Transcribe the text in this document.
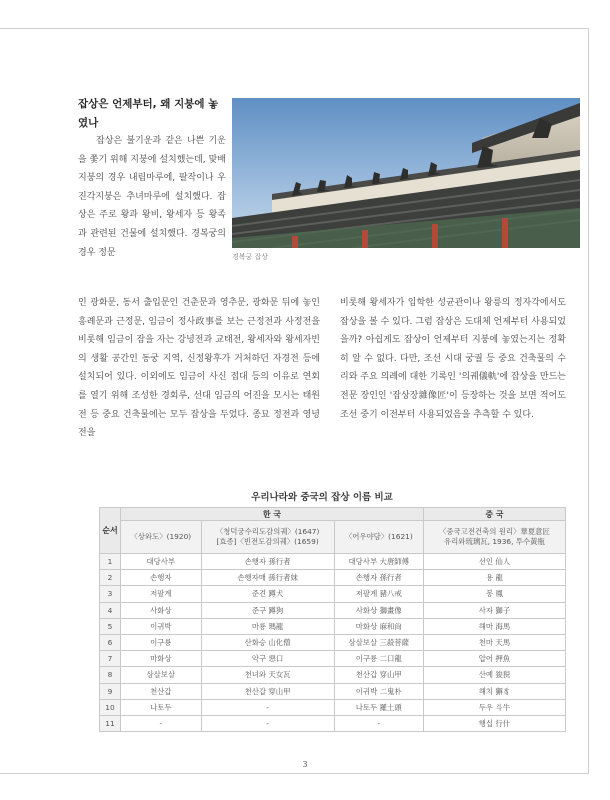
잡상은 언제부터, 왜 지붕에 놓였나

경복궁 잡상

잡상은 불기운과 같은 나쁜 기운을 쫓기 위해 지붕에 설치했는데, 맞배지붕의 경우 내림마루에, 팔작이나 우진각지붕은 추녀마루에 설치했다. 잡상은 주로 왕과 왕비, 왕세자 등 왕족과 관련된 건물에 설치했다. 경복궁의 경우 정문

인 광화문, 동서 출입문인 건춘문과 영추문, 광화문 뒤에 놓인 흥례문과 근정문, 임금이 정사政事를 보는 근정전과 사정전을 비롯해 임금이 잠을 자는 강녕전과 교태전, 왕세자와 왕세자빈의 생활 공간인 동궁 지역, 신정왕후가 거처하던 자경전 등에 설치되어 있다. 이외에도 임금이 사신 접대 등의 이유로 연회를 열기 위해 조성한 경회루, 선대 임금의 어진을 모시는 태원전 등 중요 건축물에는 모두 잡상을 두었다. 종묘 정전과 영녕전을

비롯해 왕세자가 입학한 성균관이나 왕릉의 정자각에서도 잡상을 볼 수 있다. 그럼 잡상은 도대체 언제부터 사용되었을까? 아쉽게도 잡상이 언제부터 지붕에 놓였는지는 정확히 알 수 없다. 다만, 조선 시대 궁궐 등 중요 건축물의 수리와 주요 의례에 대한 기록인 '의궤儀軌'에 잡상을 만드는 전문 장인인 '잡상장雜像匠'이 등장하는 것을 보면 적어도 조선 중기 이전부터 사용되었음을 추측할 수 있다.

우리나라와 중국의 잡상 이름 비교

순서	한 국			중 국
	〈상와도〉(1920)	〈청덕궁수리도감의궤〉(1647)
[효종]〈빈전도감의궤〉(1659)	〈어우야담〉(1621)	〈중국고전건축의 원리〉華夏意匠
유리와琉璃瓦, 1936, 투수黃瓶
1	대당사부	손행자 孫行者	대당사부 大唐師傅	선인 仙人
2	손행자	손행자매 孫行者妹	손행자 孫行者	용 龍
3	저팔계	준견 蹲犬	저팔계 豬八戒	봉 鳳
4	사화상	준구 蹲狗	사화상 獅畫像	사자 獅子
5	이귀박	마룡 瑪龍	마화상 麻和尙	해마 海馬
6	이구룡	산화승 山化僧	삼살보살 三殺菩薩	천마 天馬
7	마화상	악구 惡口	이구룡 二口龍	압어 押魚
8	삼살보살	천녀와 天女瓦	천산갑 穿山甲	산예 狻猊
9	천산갑	천산갑 穿山甲	이귀박 二鬼朴	해치 獬豸
10	나토두	-	나토두 羅土頭	두우 斗牛
11	-	-	-	행십 行什

3
